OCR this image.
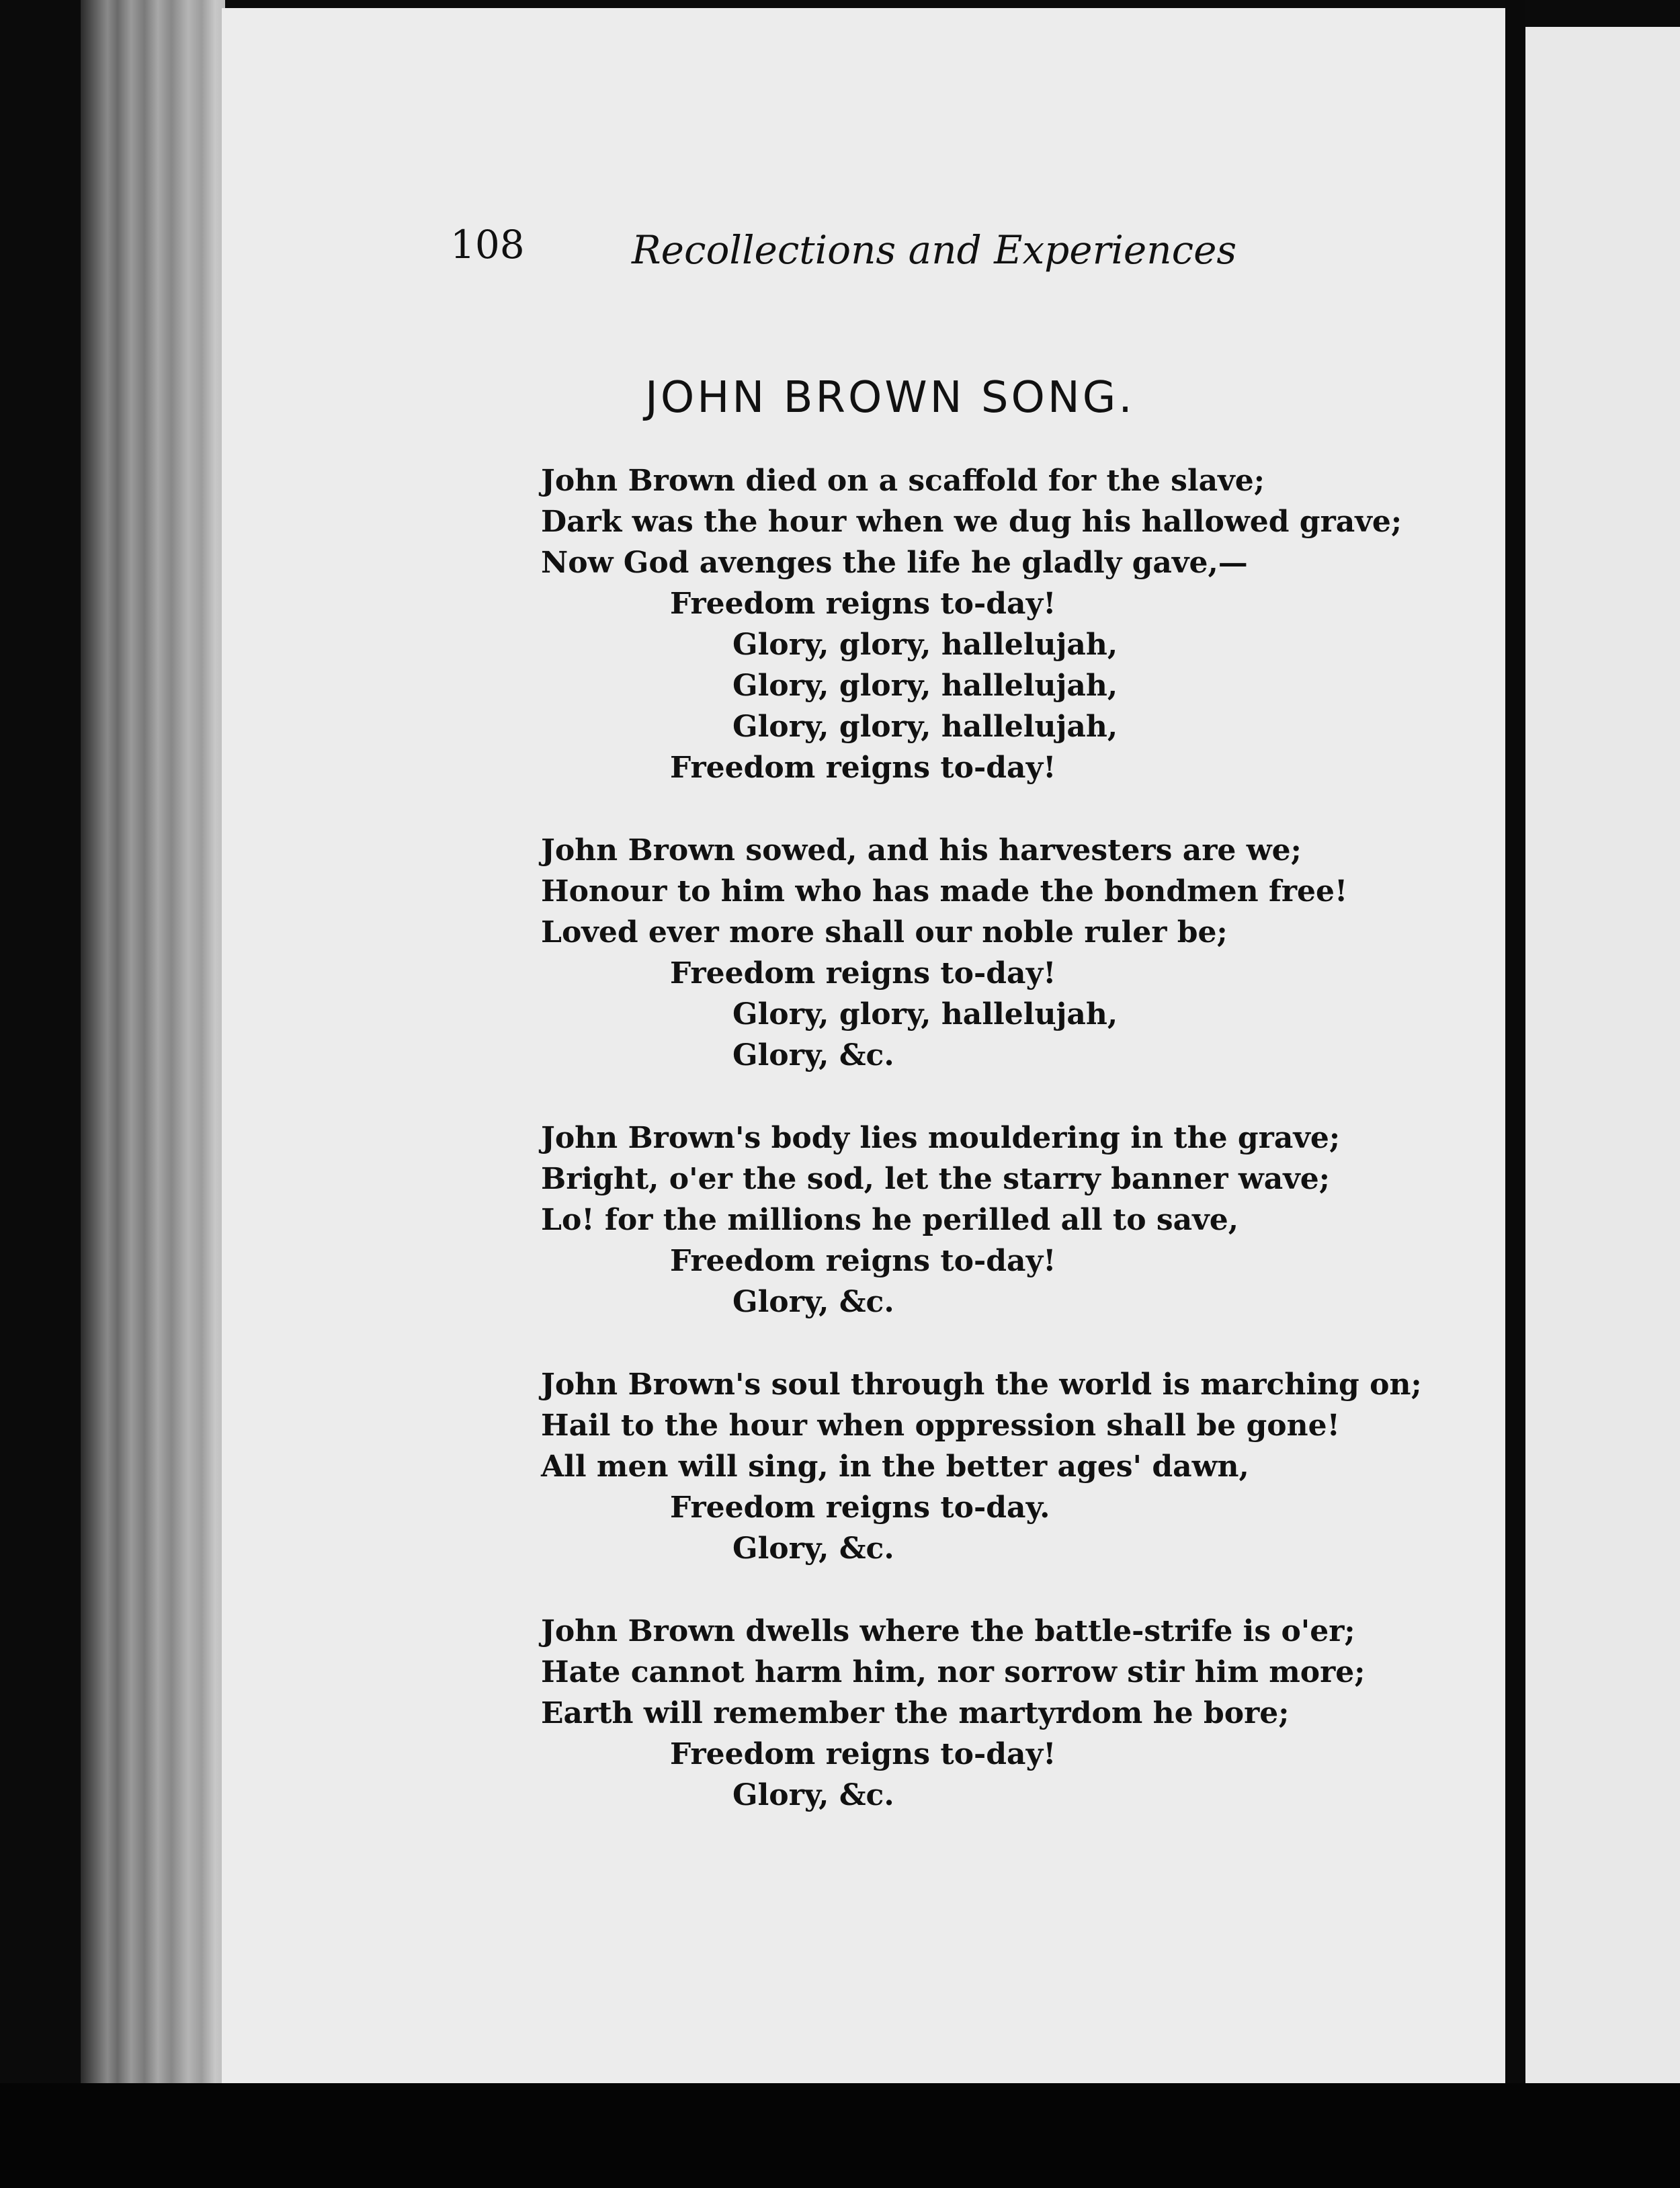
108	Recollections and Experiences
JOHN BROWN SONG.
John Brown died on a scaffold for the slave;
Dark was the hour when we dug his hallowed grave;
Now God avenges the life he gladly gave,—
Freedom reigns to-day!
Glory, glory, hallelujah,
Glory, glory, hallelujah,
Glory, glory, hallelujah,
Freedom reigns to-day!
John Brown sowed, and his harvesters are we;
Honour to him who has made the bondmen free!
Loved ever more shall our noble ruler be;
Freedom reigns to-day!
Glory, glory, hallelujah,
Glory, &c.
John Brown's body lies mouldering in the grave;
Bright, o'er the sod, let the starry banner wave;
Lo! for the millions he perilled all to save,
Freedom reigns to-day!
Glory, &c.
John Brown's soul through the world is marching on;
Hail to the hour when oppression shall be gone!
All men will sing, in the better ages' dawn,
Freedom reigns to-day.
Glory, &c.
John Brown dwells where the battle-strife is o'er;
Hate cannot harm him, nor sorrow stir him more;
Earth will remember the martyrdom he bore;
Freedom reigns to-day!
Glory, &c.
